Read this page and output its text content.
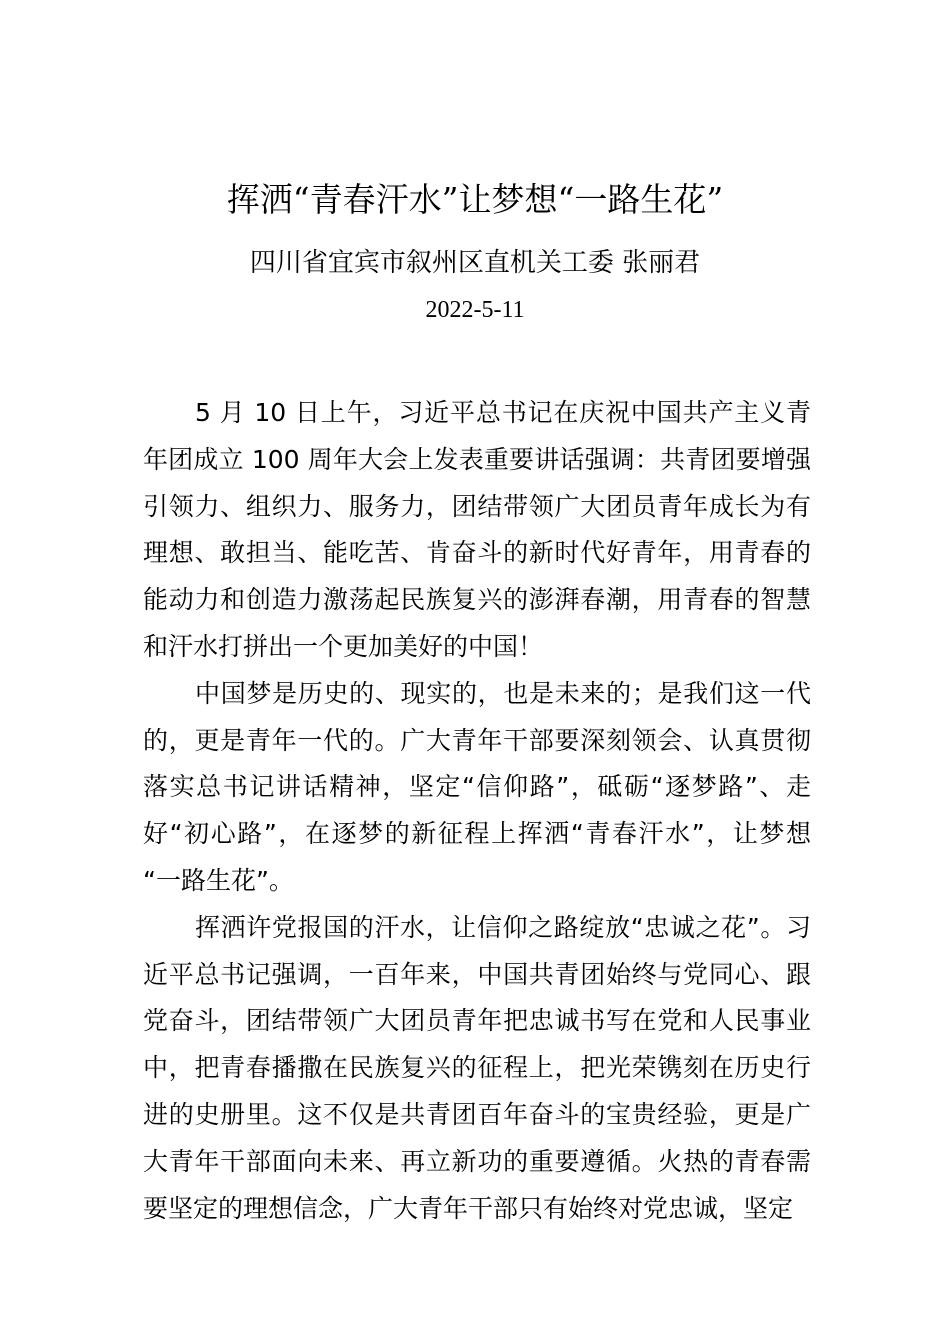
挥洒“青春汗水”让梦想“一路生花”
四川省宜宾市叙州区直机关工委 张丽君
2022-5-11

5 月 10 日上午，习近平总书记在庆祝中国共产主义青年团成立 100 周年大会上发表重要讲话强调：共青团要增强引领力、组织力、服务力，团结带领广大团员青年成长为有理想、敢担当、能吃苦、肯奋斗的新时代好青年，用青春的能动力和创造力激荡起民族复兴的澎湃春潮，用青春的智慧和汗水打拼出一个更加美好的中国！

中国梦是历史的、现实的，也是未来的；是我们这一代的，更是青年一代的。广大青年干部要深刻领会、认真贯彻落实总书记讲话精神，坚定“信仰路”，砥砺“逐梦路”、走好“初心路”，在逐梦的新征程上挥洒“青春汗水”，让梦想 “一路生花”。

挥洒许党报国的汗水，让信仰之路绽放“忠诚之花”。习近平总书记强调，一百年来，中国共青团始终与党同心、跟党奋斗，团结带领广大团员青年把忠诚书写在党和人民事业中，把青春播撒在民族复兴的征程上，把光荣镌刻在历史行进的史册里。这不仅是共青团百年奋斗的宝贵经验，更是广大青年干部面向未来、再立新功的重要遵循。火热的青春需要坚定的理想信念，广大青年干部只有始终对党忠诚，坚定
